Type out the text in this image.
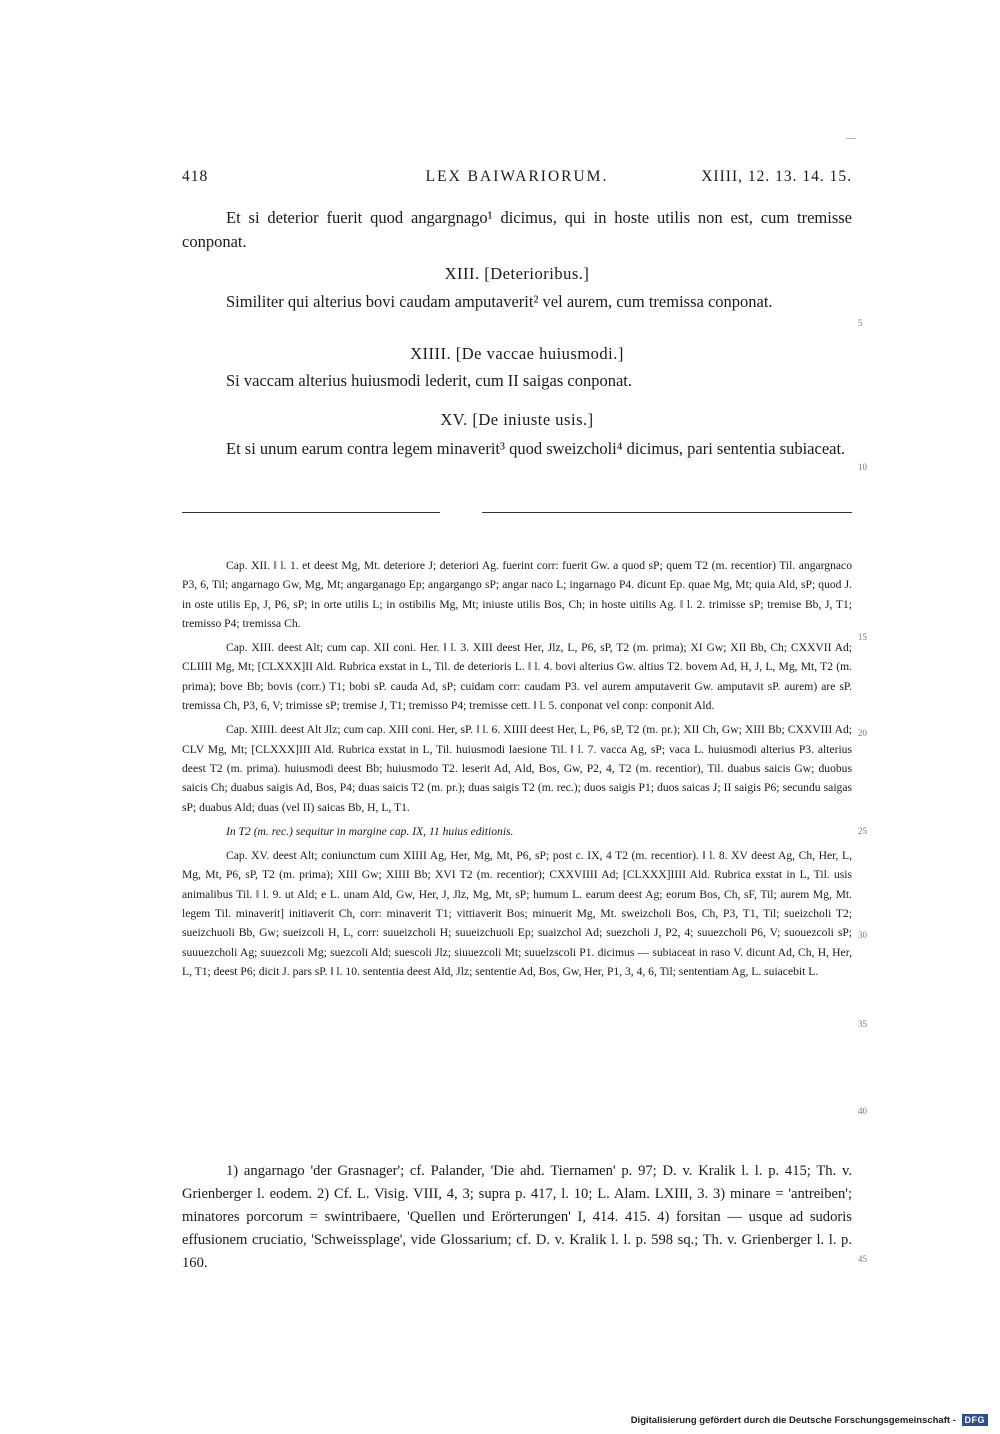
418	LEX BAIWARIORUM.	XIIII, 12. 13. 14. 15.

Et si deterior fuerit quod angargnago¹ dicimus, qui in hoste utilis non est, cum tremisse conponat.

XIII. [Deterioribus.]

Similiter qui alterius bovi caudam amputaverit² vel aurem, cum tremissa conponat.

XIIII. [De vaccae huiusmodi.]

Si vaccam alterius huiusmodi lederit, cum II saigas conponat.

XV. [De iniuste usis.]

Et si unum earum contra legem minaverit³ quod sweizcholi⁴ dicimus, pari sententia subiaceat.

5
10

Cap. XII. ‖ l. 1. et deest Mg, Mt. deteriore J; deteriori Ag. fuerint corr: fuerit Gw. a quod sP; quem T2 (m. recentior) Til. angargnaco P3, 6, Til; angarnago Gw, Mg, Mt; angarganago Ep; angargango sP; angar naco L; ingarnago P4. dicunt Ep. quae Mg, Mt; quia Ald, sP; quod J. in oste utilis Ep, J, P6, sP; in orte utilis L; in ostibilis Mg, Mt; iniuste utilis Bos, Ch; in hoste uitilis Ag. ‖ l. 2. trimisse sP; tremise Bb, J, T1; tremisso P4; tremissa Ch.

Cap. XIII. deest Alt; cum cap. XII coni. Her. ‖ l. 3. XIII deest Her, Jlz, L, P6, sP, T2 (m. prima); XI Gw; XII Bb, Ch; CXXVII Ad; CLIIII Mg, Mt; [CLXXX]II Ald. Rubrica exstat in L, Til. de deterioris L. ‖ l. 4. bovi alterius Gw. altius T2. bovem Ad, H, J, L, Mg, Mt, T2 (m. prima); bove Bb; bovis (corr.) T1; bobi sP. cauda Ad, sP; cuidam corr: caudam P3. vel aurem amputaverit Gw. amputavit sP. aurem) are sP. tremissa Ch, P3, 6, V; trimisse sP; tremise J, T1; tremisso P4; tremisse cett. ‖ l. 5. conponat vel conp: conponit Ald.

Cap. XIIII. deest Alt Jlz; cum cap. XIII coni. Her, sP. ‖ l. 6. XIIII deest Her, L, P6, sP, T2 (m. pr.); XII Ch, Gw; XIII Bb; CXXVIII Ad; CLV Mg, Mt; [CLXXX]III Ald. Rubrica exstat in L, Til. huiusmodi laesione Til. ‖ l. 7. vacca Ag, sP; vaca L. huiusmodi alterius P3. alterius deest T2 (m. prima). huiusmodi deest Bb; huiusmodo T2. leserit Ad, Ald, Bos, Gw, P2, 4, T2 (m. recentior), Til. duabus saicis Gw; duobus saicis Ch; duabus saigis Ad, Bos, P4; duas saicis T2 (m. pr.); duas saigis T2 (m. rec.); duos saigis P1; duos saicas J; II saigis P6; secundu saigas sP; duabus Ald; duas (vel II) saicas Bb, H, L, T1.

In T2 (m. rec.) sequitur in margine cap. IX, 11 huius editionis.

Cap. XV. deest Alt; coniunctum cum XIIII Ag, Her, Mg, Mt, P6, sP; post c. IX, 4 T2 (m. recentior). ‖ l. 8. XV deest Ag, Ch, Her, L, Mg, Mt, P6, sP, T2 (m. prima); XIII Gw; XIIII Bb; XVI T2 (m. recentior); CXXVIIII Ad; [CLXXX]IIII Ald. Rubrica exstat in L, Til. usis animalibus Til. ‖ l. 9. ut Ald; e L. unam Ald, Gw, Her, J, Jlz, Mg, Mt, sP; humum L. earum deest Ag; eorum Bos, Ch, sF, Til; aurem Mg, Mt. legem Til. minaverit] initiaverit Ch, corr: minaverit T1; vittiaverit Bos; minuerit Mg, Mt. sweizcholi Bos, Ch, P3, T1, Til; sueizcholi T2; sueizchuoli Bb, Gw; sueizcoli H, L, corr: suueizcholi H; suueizchuoli Ep; suaizchol Ad; suezcholi J, P2, 4; suuezcholi P6, V; suouezcoli sP; suuuezcholi Ag; suuezcoli Mg; suezcoli Ald; suescoli Jlz; siuuezcoli Mt; suuelzscoli P1. dicimus — subiaceat in raso V. dicunt Ad, Ch, H, Her, L, T1; deest P6; dicit J. pars sP. ‖ l. 10. sententia deest Ald, Jlz; sententie Ad, Bos, Gw, Her, P1, 3, 4, 6, Til; sententiam Ag, L. suiacebit L.

15
20
25
30
35
40

1) angarnago 'der Grasnager'; cf. Palander, 'Die ahd. Tiernamen' p. 97; D. v. Kralik l. l. p. 415; Th. v. Grienberger l. eodem. 2) Cf. L. Visig. VIII, 4, 3; supra p. 417, l. 10; L. Alam. LXIII, 3. 3) minare = 'antreiben'; minatores porcorum = swintribaere, 'Quellen und Erörterungen' I, 414. 415. 4) forsitan — usque ad sudoris effusionem cruciatio, 'Schweissplage', vide Glossarium; cf. D. v. Kralik l. l. p. 598 sq.; Th. v. Grienberger l. l. p. 160.	45
Digitalisierung gefördert durch die Deutsche Forschungsgemeinschaft - DFG
